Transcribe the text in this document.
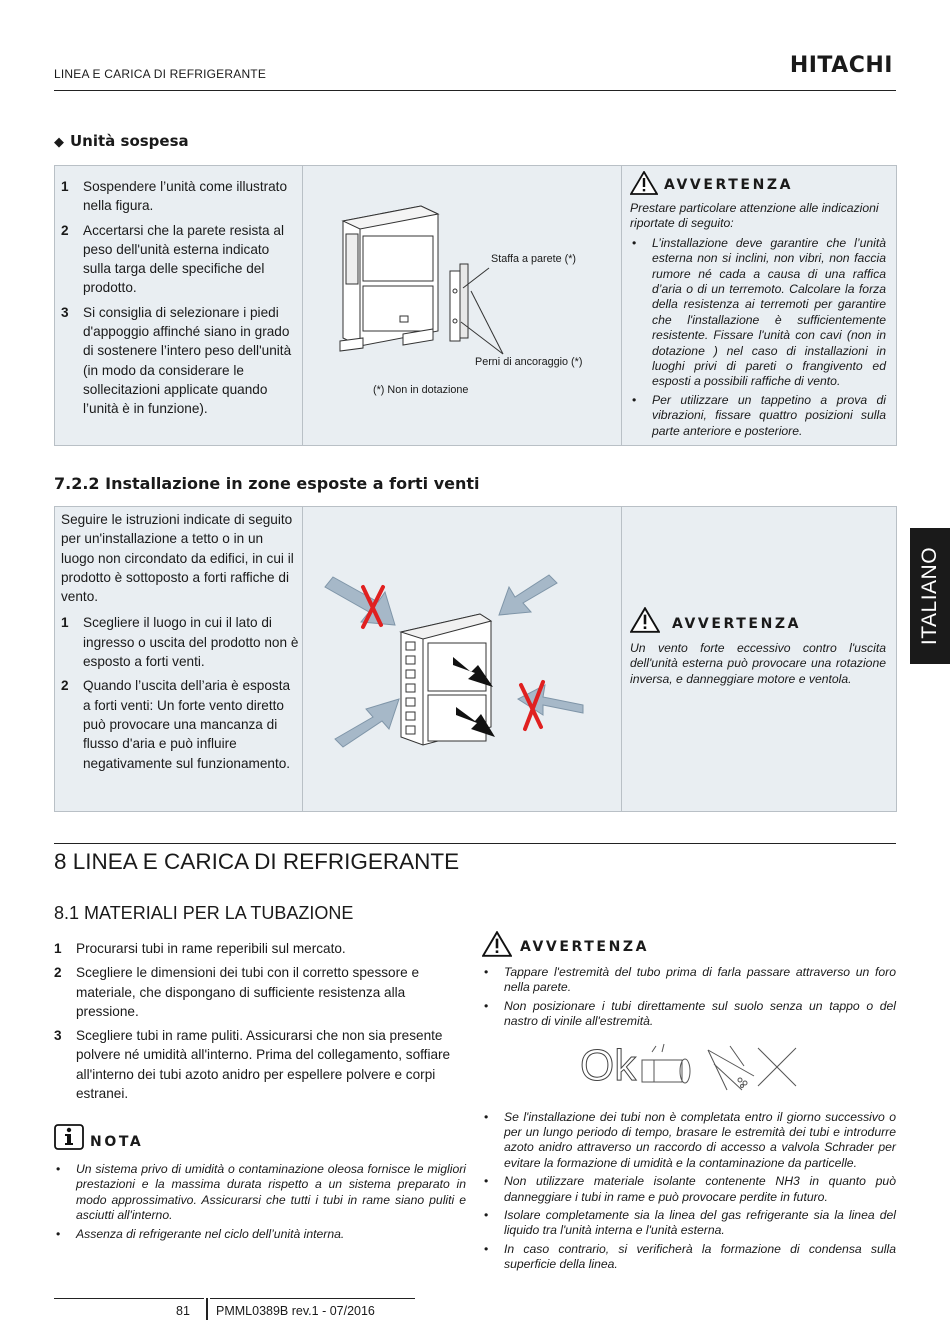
LINEA E CARICA DI REFRIGERANTE	HITACHI
ITALIANO
◆ Unità sospesa
1 Sospendere l’unità come illustrato nella figura.
2 Accertarsi che la parete resista al peso dell'unità esterna indicato sulla targa delle specifiche del prodotto.
3 Si consiglia di selezionare i piedi d'appoggio affinché siano in grado di sostenere l’intero peso dell'unità (in modo da considerare le sollecitazioni applicate quando l’unità è in funzione).
Staffa a parete (*)
Perni di ancoraggio (*)
(*) Non in dotazione
AVVERTENZA
Prestare particolare attenzione alle indicazioni riportate di seguito:
• L’installazione deve garantire che l’unità esterna non si inclini, non vibri, non faccia rumore né cada a causa di una raffica d’aria o di un terremoto. Calcolare la forza della resistenza ai terremoti per garantire che l'installazione è sufficientemente resistente. Fissare l'unità con cavi (non in dotazione ) nel caso di installazioni in luoghi privi di pareti o frangivento ed esposti a possibili raffiche di vento.
• Per utilizzare un tappetino a prova di vibrazioni, fissare quattro posizioni sulla parte anteriore e posteriore.
7.2.2 Installazione in zone esposte a forti venti
Seguire le istruzioni indicate di seguito per un'installazione a tetto o in un luogo non circondato da edifici, in cui il prodotto è sottoposto a forti raffiche di vento.
1 Scegliere il luogo in cui il lato di ingresso o uscita del prodotto non è esposto a forti venti.
2 Quando l’uscita dell’aria è esposta a forti venti: Un forte vento diretto può provocare una mancanza di flusso d'aria e può influire negativamente sul funzionamento.
AVVERTENZA
Un vento forte eccessivo contro l'uscita dell'unità esterna può provocare una rotazione inversa, e danneggiare motore e ventola.
8 LINEA E CARICA DI REFRIGERANTE
8.1 MATERIALI PER LA TUBAZIONE
1 Procurarsi tubi in rame reperibili sul mercato.
2 Scegliere le dimensioni dei tubi con il corretto spessore e materiale, che dispongano di sufficiente resistenza alla pressione.
3 Scegliere tubi in rame puliti. Assicurarsi che non sia presente polvere né umidità all'interno. Prima del collegamento, soffiare all'interno dei tubi azoto anidro per espellere polvere e corpi estranei.
NOTA
• Un sistema privo di umidità o contaminazione oleosa fornisce le migliori prestazioni e la massima durata rispetto a un sistema preparato in modo approssimativo. Assicurarsi che tutti i tubi in rame siano puliti e asciutti all'interno.
• Assenza di refrigerante nel ciclo dell’unità interna.
AVVERTENZA
• Tappare l'estremità del tubo prima di farla passare attraverso un foro nella parete.
• Non posizionare i tubi direttamente sul suolo senza un tappo o del nastro di vinile all'estremità.
Ok
• Se l'installazione dei tubi non è completata entro il giorno successivo o per un lungo periodo di tempo, brasare le estremità dei tubi e introdurre azoto anidro attraverso un raccordo di accesso a valvola Schrader per evitare la formazione di umidità e la contaminazione da particelle.
• Non utilizzare materiale isolante contenente NH3 in quanto può danneggiare i tubi in rame e può provocare perdite in futuro.
• Isolare completamente sia la linea del gas refrigerante sia la linea del liquido tra l'unità interna e l'unità esterna.
• In caso contrario, si verificherà la formazione di condensa sulla superficie della linea.
81 PMML0389B rev.1 - 07/2016
